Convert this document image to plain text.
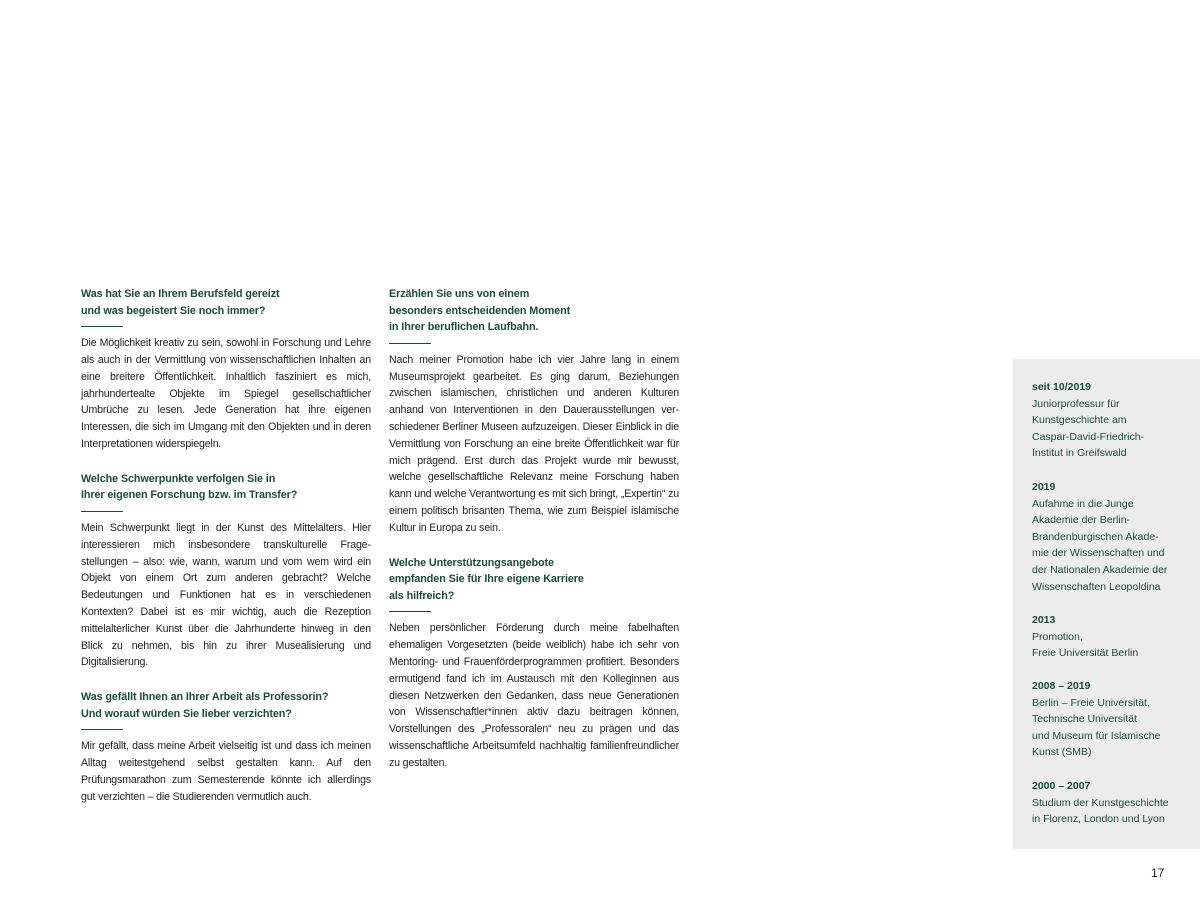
Was hat Sie an Ihrem Berufsfeld gereizt
und was begeistert Sie noch immer?

Die Möglichkeit kreativ zu sein, sowohl in Forschung und Lehre als auch in der Vermittlung von wissenschaftlichen Inhalten an eine breitere Öffentlichkeit. Inhaltlich fasziniert es mich, jahrhundertealte Objekte im Spiegel gesellschaftlicher Umbrüche zu lesen. Jede Generation hat ihre eigenen Interessen, die sich im Umgang mit den Objekten und in deren Interpretationen widerspiegeln.

Welche Schwerpunkte verfolgen Sie in
Ihrer eigenen Forschung bzw. im Transfer?

Mein Schwerpunkt liegt in der Kunst des Mittelalters. Hier interessieren mich insbesondere transkulturelle Fragestellungen – also: wie, wann, warum und vom wem wird ein Objekt von einem Ort zum anderen gebracht? Welche Bedeutungen und Funktionen hat es in verschiedenen Kontexten? Dabei ist es mir wichtig, auch die Rezeption mittelalterlicher Kunst über die Jahrhunderte hinweg in den Blick zu nehmen, bis hin zu ihrer Musealisierung und Digitalisierung.

Was gefällt Ihnen an Ihrer Arbeit als Professorin?
Und worauf würden Sie lieber verzichten?

Mir gefällt, dass meine Arbeit vielseitig ist und dass ich meinen Alltag weitestgehend selbst gestalten kann. Auf den Prüfungsmarathon zum Semesterende könnte ich allerdings gut verzichten – die Studierenden vermutlich auch.

Erzählen Sie uns von einem
besonders entscheidenden Moment
in Ihrer beruflichen Laufbahn.

Nach meiner Promotion habe ich vier Jahre lang in einem Museumsprojekt gearbeitet. Es ging darum, Beziehungen zwischen islamischen, christlichen und anderen Kulturen anhand von Interventionen in den Dauerausstellungen verschiedener Berliner Museen aufzuzeigen. Dieser Einblick in die Vermittlung von Forschung an eine breite Öffentlichkeit war für mich prägend. Erst durch das Projekt wurde mir bewusst, welche gesellschaftliche Relevanz meine Forschung haben kann und welche Verantwortung es mit sich bringt, „Expertin“ zu einem politisch brisanten Thema, wie zum Beispiel islamische Kultur in Europa zu sein.

Welche Unterstützungsangebote
empfanden Sie für Ihre eigene Karriere
als hilfreich?

Neben persönlicher Förderung durch meine fabelhaften ehemaligen Vorgesetzten (beide weiblich) habe ich sehr von Mentoring- und Frauenförderprogrammen profitiert. Besonders ermutigend fand ich im Austausch mit den Kolleginnen aus diesen Netzwerken den Gedanken, dass neue Generationen von Wissenschaftler*innen aktiv dazu beitragen können, Vorstellungen des „Professoralen“ neu zu prägen und das wissenschaftliche Arbeitsumfeld nachhaltig familienfreundlicher zu gestalten.

seit 10/2019

Juniorprofessur für
Kunstgeschichte am
Caspar-David-Friedrich-
Institut in Greifswald

2019

Aufahme in die Junge
Akademie der Berlin-
Brandenburgischen Akade-
mie der Wissenschaften und
der Nationalen Akademie der
Wissenschaften Leopoldina

2013

Promotion,
Freie Universität Berlin

2008 – 2019

Berlin – Freie Universität,
Technische Universität
und Museum für Islamische
Kunst (SMB)

2000 – 2007

Studium der Kunstgeschichte
in Florenz, London und Lyon

17
